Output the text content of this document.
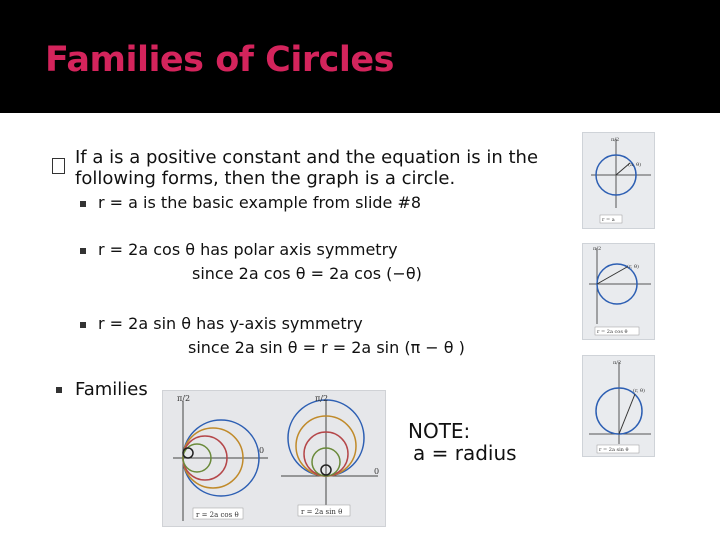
Families of Circles
If a is a positive constant and the equation is in the
following forms, then the graph is a circle.
r = a is the basic example from slide #8
r = 2a cos θ has polar axis symmetry
since 2a cos θ = 2a cos (−θ)
r = 2a sin θ has y-axis symmetry
since 2a sin θ = r = 2a sin (π − θ )
Families
π/2
(a, θ)
r = a
π/2
(r, θ)
r = 2a cos θ
π/2
(r, θ)
r = 2a sin θ
π/2
0
r = 2a cos θ
π/2
0
r = 2a sin θ
NOTE:
a = radius
